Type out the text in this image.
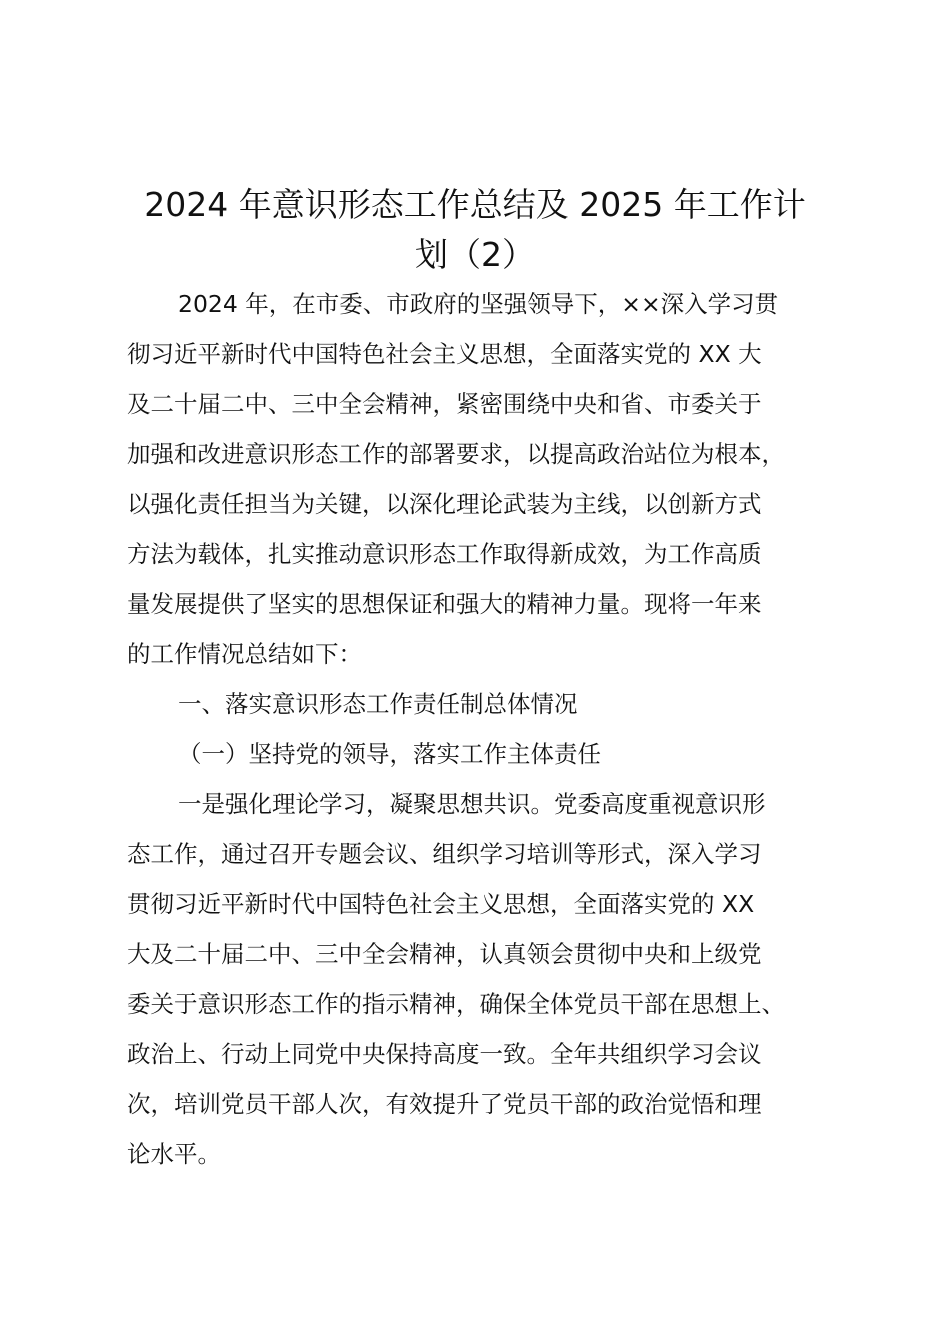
2024 年意识形态工作总结及 2025 年工作计
划（2）

2024 年，在市委、市政府的坚强领导下，××深入学习贯

彻习近平新时代中国特色社会主义思想，全面落实党的 XX 大

及二十届二中、三中全会精神，紧密围绕中央和省、市委关于

加强和改进意识形态工作的部署要求，以提高政治站位为根本，

以强化责任担当为关键，以深化理论武装为主线，以创新方式

方法为载体，扎实推动意识形态工作取得新成效，为工作高质

量发展提供了坚实的思想保证和强大的精神力量。现将一年来

的工作情况总结如下：

一、落实意识形态工作责任制总体情况

（一）坚持党的领导，落实工作主体责任

一是强化理论学习，凝聚思想共识。党委高度重视意识形

态工作，通过召开专题会议、组织学习培训等形式，深入学习

贯彻习近平新时代中国特色社会主义思想，全面落实党的 XX

大及二十届二中、三中全会精神，认真领会贯彻中央和上级党

委关于意识形态工作的指示精神，确保全体党员干部在思想上、

政治上、行动上同党中央保持高度一致。全年共组织学习会议

次，培训党员干部人次，有效提升了党员干部的政治觉悟和理

论水平。
